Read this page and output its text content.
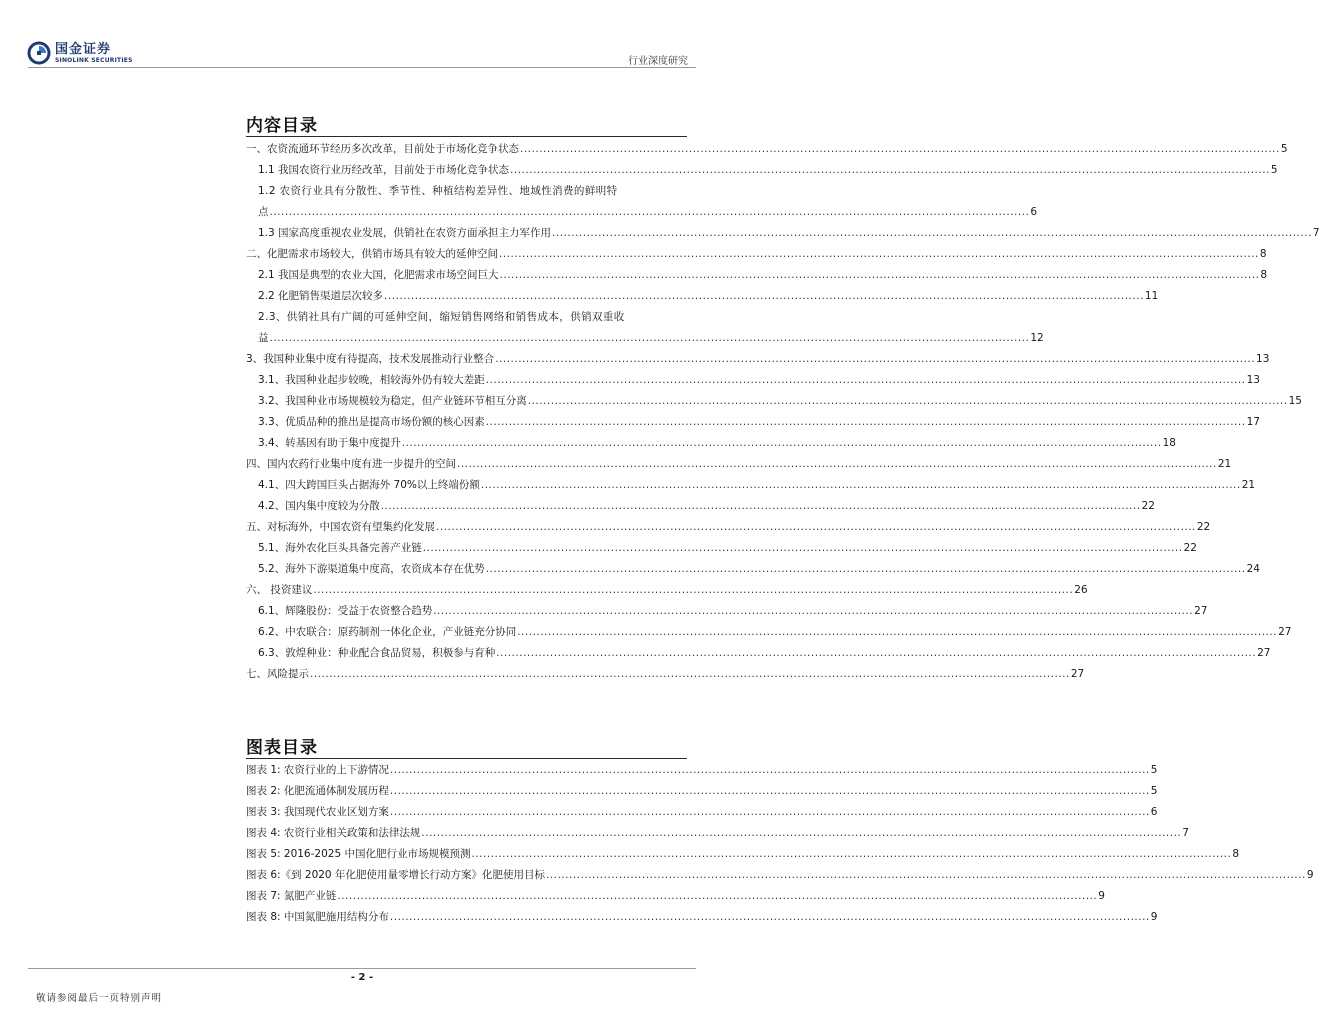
国金证券
SINOLINK SECURITIES	行业深度研究
内容目录
一、农资流通环节经历多次改革，目前处于市场化竞争状态 .....	5
1.1 我国农资行业历经改革，目前处于市场化竞争状态 .....	5
1.2 农资行业具有分散性、季节性、种植结构差异性、地域性消费的鲜明特
点 .....	6
1.3 国家高度重视农业发展，供销社在农资方面承担主力军作用 .....	7
二、化肥需求市场较大，供销市场具有较大的延伸空间 .....	8
2.1 我国是典型的农业大国，化肥需求市场空间巨大 .....	8
2.2 化肥销售渠道层次较多 .....	11
2.3、供销社具有广阔的可延伸空间，缩短销售网络和销售成本，供销双重收
益 .....	12
3、我国种业集中度有待提高，技术发展推动行业整合 .....	13
3.1、我国种业起步较晚，相较海外仍有较大差距 .....	13
3.2、我国种业市场规模较为稳定，但产业链环节相互分离 .....	15
3.3、优质品种的推出是提高市场份额的核心因素 .....	17
3.4、转基因有助于集中度提升 .....	18
四、国内农药行业集中度有进一步提升的空间 .....	21
4.1、四大跨国巨头占据海外 70%以上终端份额 .....	21
4.2、国内集中度较为分散 .....	22
五、对标海外，中国农资有望集约化发展 .....	22
5.1、海外农化巨头具备完善产业链 .....	22
5.2、海外下游渠道集中度高，农资成本存在优势 .....	24
六、 投资建议 .....	26
6.1、辉隆股份：受益于农资整合趋势 .....	27
6.2、中农联合：原药制剂一体化企业，产业链充分协同 .....	27
6.3、敦煌种业：种业配合食品贸易，积极参与育种 .....	27
七、风险提示 .....	27
图表目录
图表 1: 农资行业的上下游情况 .....	5
图表 2: 化肥流通体制发展历程 .....	5
图表 3: 我国现代农业区划方案 .....	6
图表 4: 农资行业相关政策和法律法规 .....	7
图表 5: 2016-2025 中国化肥行业市场规模预测 .....	8
图表 6:《到 2020 年化肥使用量零增长行动方案》化肥使用目标 .....	9
图表 7: 氮肥产业链 .....	9
图表 8: 中国氮肥施用结构分布 .....	9
- 2 -
敬请参阅最后一页特别声明
